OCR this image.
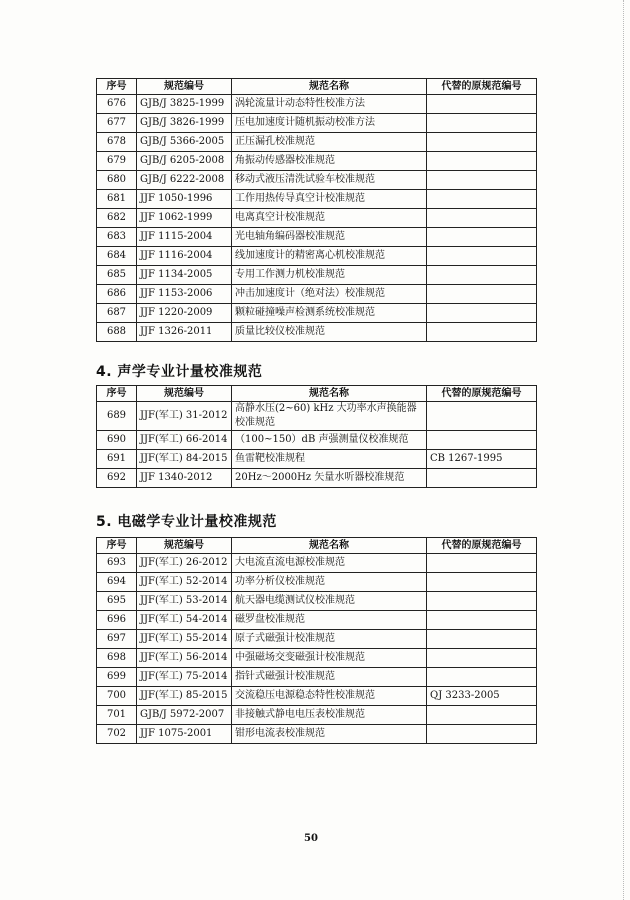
序号	规范编号	规范名称	代替的原规范编号
676	GJB/J 3825-1999	涡轮流量计动态特性校准方法	
677	GJB/J 3826-1999	压电加速度计随机振动校准方法	
678	GJB/J 5366-2005	正压漏孔校准规范	
679	GJB/J 6205-2008	角振动传感器校准规范	
680	GJB/J 6222-2008	移动式液压清洗试验车校准规范	
681	JJF 1050-1996	工作用热传导真空计校准规范	
682	JJF 1062-1999	电离真空计校准规范	
683	JJF 1115-2004	光电轴角编码器校准规范	
684	JJF 1116-2004	线加速度计的精密离心机校准规范	
685	JJF 1134-2005	专用工作测力机校准规范	
686	JJF 1153-2006	冲击加速度计（绝对法）校准规范	
687	JJF 1220-2009	颗粒碰撞噪声检测系统校准规范	
688	JJF 1326-2011	质量比较仪校准规范	
4. 声学专业计量校准规范
序号	规范编号	规范名称	代替的原规范编号
689	JJF(军工) 31-2012	高静水压(2~60) kHz 大功率水声换能器校准规范	
690	JJF(军工) 66-2014	（100~150）dB 声强测量仪校准规范	
691	JJF(军工) 84-2015	鱼雷靶校准规程	CB 1267-1995
692	JJF 1340-2012	20Hz～2000Hz 矢量水听器校准规范	
5. 电磁学专业计量校准规范
序号	规范编号	规范名称	代替的原规范编号
693	JJF(军工) 26-2012	大电流直流电源校准规范	
694	JJF(军工) 52-2014	功率分析仪校准规范	
695	JJF(军工) 53-2014	航天器电缆测试仪校准规范	
696	JJF(军工) 54-2014	磁罗盘校准规范	
697	JJF(军工) 55-2014	原子式磁强计校准规范	
698	JJF(军工) 56-2014	中强磁场交变磁强计校准规范	
699	JJF(军工) 75-2014	指针式磁强计校准规范	
700	JJF(军工) 85-2015	交流稳压电源稳态特性校准规范	QJ 3233-2005
701	GJB/J 5972-2007	非接触式静电电压表校准规范	
702	JJF 1075-2001	钳形电流表校准规范	
50
